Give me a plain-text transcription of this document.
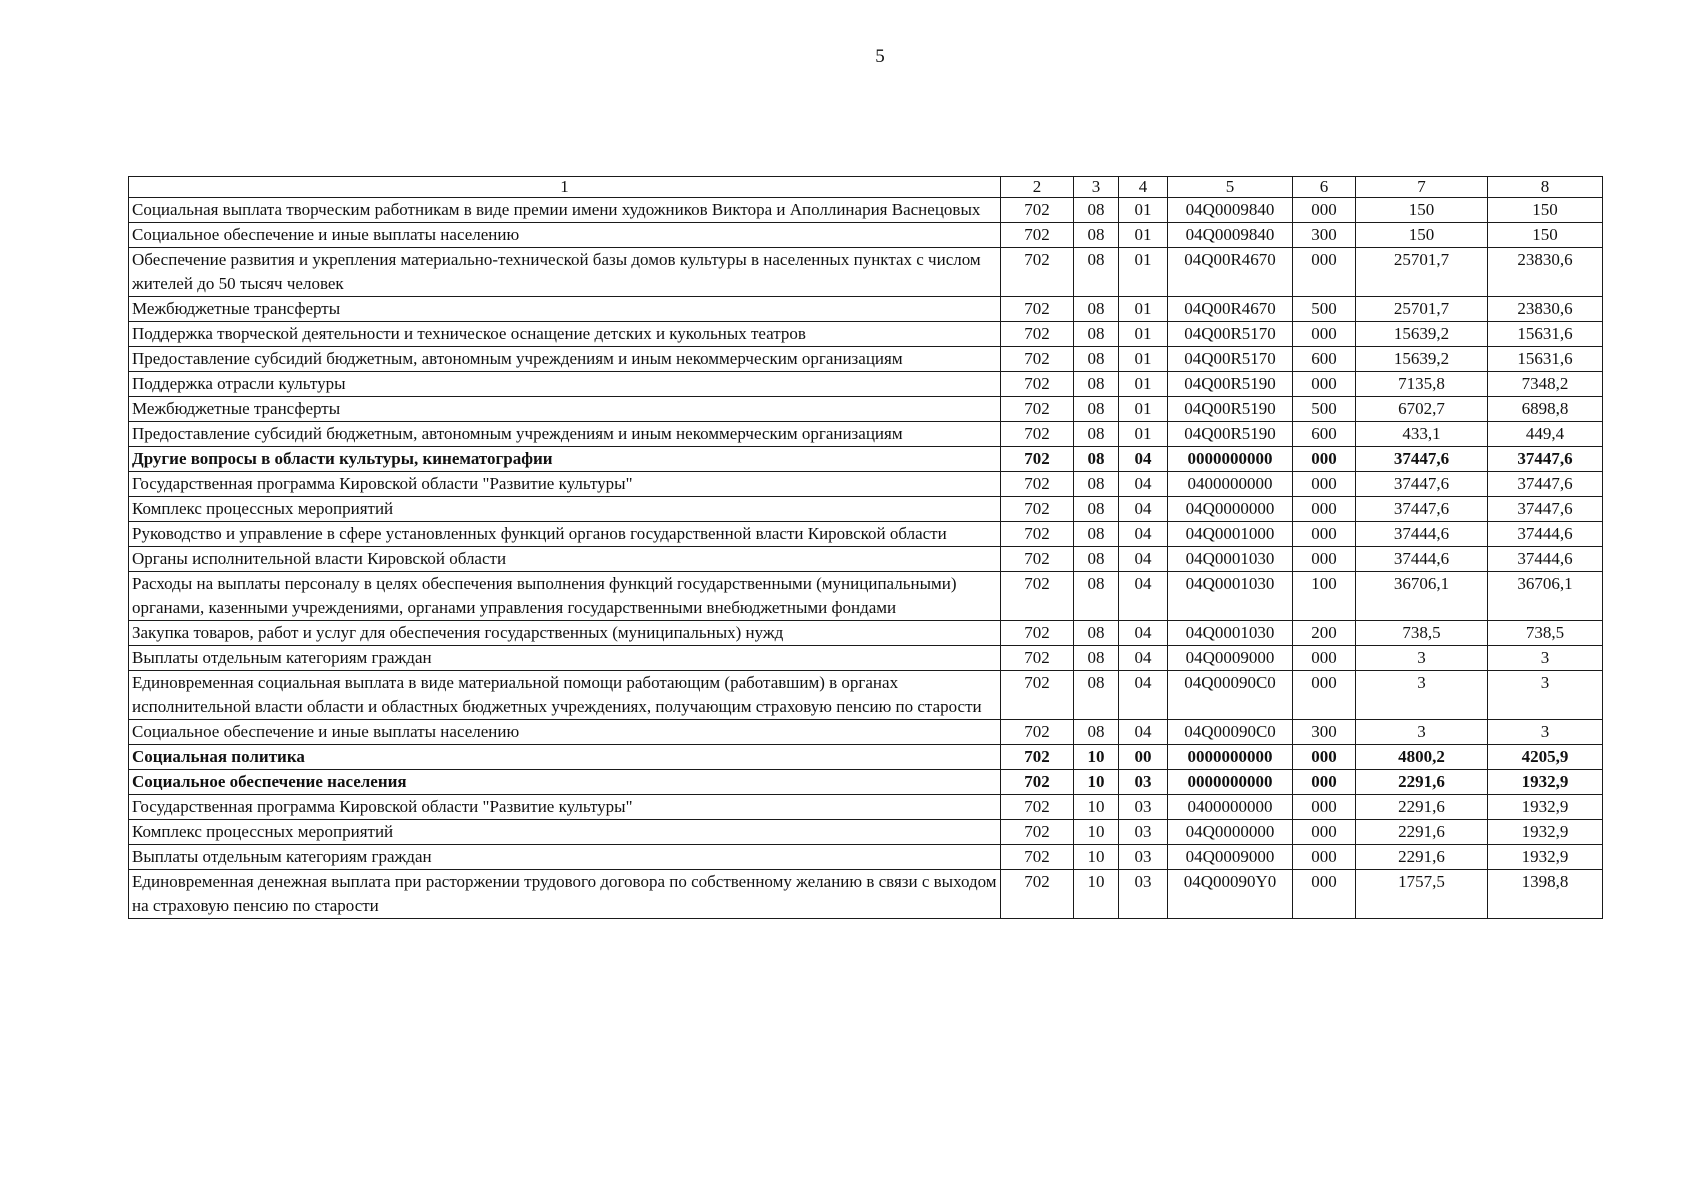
5
1	2	3	4	5	6	7	8
Социальная выплата творческим работникам в виде премии имени художников Виктора и Аполлинария Васнецовых	702	08	01	04Q0009840	000	150	150
Социальное обеспечение и иные выплаты населению	702	08	01	04Q0009840	300	150	150
Обеспечение развития и укрепления материально-технической базы домов культуры в населенных пунктах с числом жителей до 50 тысяч человек	702	08	01	04Q00R4670	000	25701,7	23830,6
Межбюджетные трансферты	702	08	01	04Q00R4670	500	25701,7	23830,6
Поддержка творческой деятельности и техническое оснащение детских и кукольных театров	702	08	01	04Q00R5170	000	15639,2	15631,6
Предоставление субсидий бюджетным, автономным учреждениям и иным некоммерческим организациям	702	08	01	04Q00R5170	600	15639,2	15631,6
Поддержка отрасли культуры	702	08	01	04Q00R5190	000	7135,8	7348,2
Межбюджетные трансферты	702	08	01	04Q00R5190	500	6702,7	6898,8
Предоставление субсидий бюджетным, автономным учреждениям и иным некоммерческим организациям	702	08	01	04Q00R5190	600	433,1	449,4
Другие вопросы в области культуры, кинематографии	702	08	04	0000000000	000	37447,6	37447,6
Государственная программа Кировской области "Развитие культуры"	702	08	04	0400000000	000	37447,6	37447,6
Комплекс процессных мероприятий	702	08	04	04Q0000000	000	37447,6	37447,6
Руководство и управление в сфере установленных функций органов государственной власти Кировской области	702	08	04	04Q0001000	000	37444,6	37444,6
Органы исполнительной власти Кировской области	702	08	04	04Q0001030	000	37444,6	37444,6
Расходы на выплаты персоналу в целях обеспечения выполнения функций государственными (муниципальными) органами, казенными учреждениями, органами управления государственными внебюджетными фондами	702	08	04	04Q0001030	100	36706,1	36706,1
Закупка товаров, работ и услуг для обеспечения государственных (муниципальных) нужд	702	08	04	04Q0001030	200	738,5	738,5
Выплаты отдельным категориям граждан	702	08	04	04Q0009000	000	3	3
Единовременная социальная выплата в виде материальной помощи работающим (работавшим) в органах исполнительной власти области и областных бюджетных учреждениях, получающим страховую пенсию по старости	702	08	04	04Q00090C0	000	3	3
Социальное обеспечение и иные выплаты населению	702	08	04	04Q00090C0	300	3	3
Социальная политика	702	10	00	0000000000	000	4800,2	4205,9
Социальное обеспечение населения	702	10	03	0000000000	000	2291,6	1932,9
Государственная программа Кировской области "Развитие культуры"	702	10	03	0400000000	000	2291,6	1932,9
Комплекс процессных мероприятий	702	10	03	04Q0000000	000	2291,6	1932,9
Выплаты отдельным категориям граждан	702	10	03	04Q0009000	000	2291,6	1932,9
Единовременная денежная выплата при расторжении трудового договора по собственному желанию в связи с выходом на страховую пенсию по старости	702	10	03	04Q00090Y0	000	1757,5	1398,8
